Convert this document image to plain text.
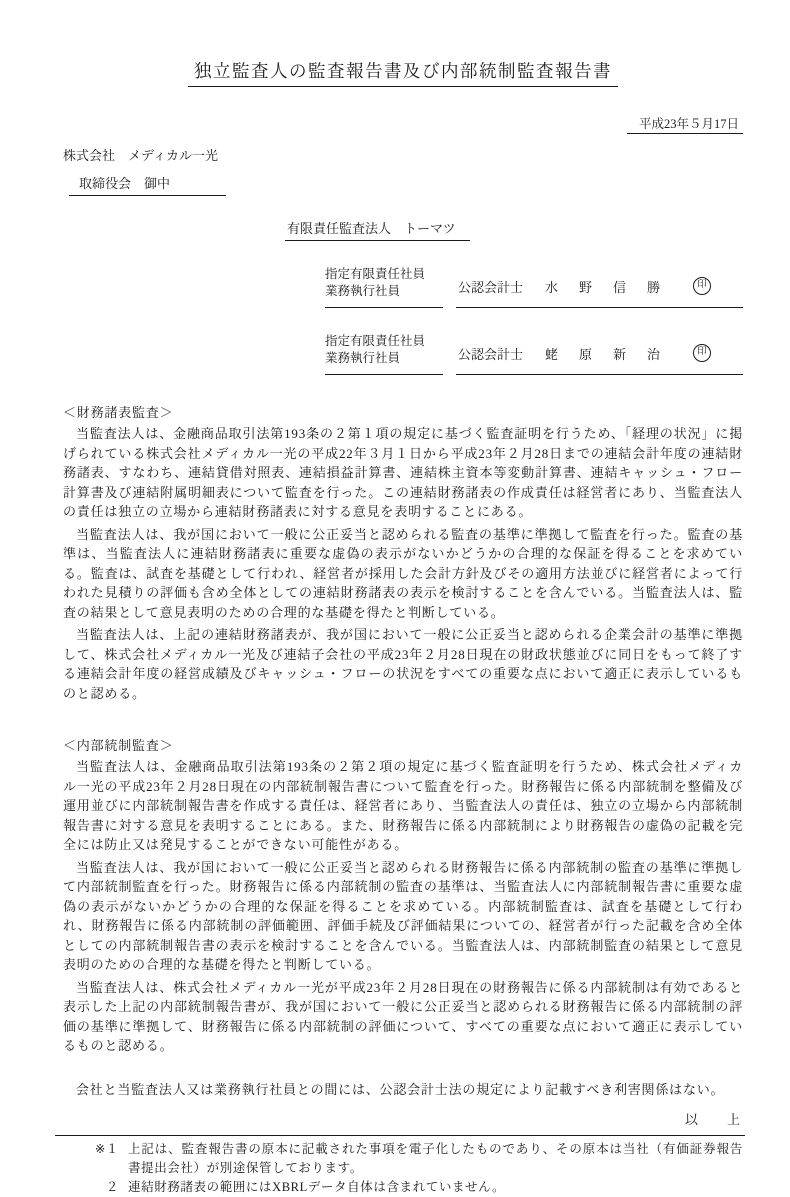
独立監査人の監査報告書及び内部統制監査報告書
平成23年５月17日
株式会社　メディカル一光
取締役会　御中
有限責任監査法人　トーマツ
指定有限責任社員
業務執行社員	公認会計士 水　野　信　勝	印
指定有限責任社員
業務執行社員	公認会計士 蛯　原　新　治	印
＜財務諸表監査＞

当監査法人は、金融商品取引法第193条の２第１項の規定に基づく監査証明を行うため、「経理の状況」に掲げられている株式会社メディカル一光の平成22年３月１日から平成23年２月28日までの連結会計年度の連結財務諸表、すなわち、連結貸借対照表、連結損益計算書、連結株主資本等変動計算書、連結キャッシュ・フロー計算書及び連結附属明細表について監査を行った。この連結財務諸表の作成責任は経営者にあり、当監査法人の責任は独立の立場から連結財務諸表に対する意見を表明することにある。

当監査法人は、我が国において一般に公正妥当と認められる監査の基準に準拠して監査を行った。監査の基準は、当監査法人に連結財務諸表に重要な虚偽の表示がないかどうかの合理的な保証を得ることを求めている。監査は、試査を基礎として行われ、経営者が採用した会計方針及びその適用方法並びに経営者によって行われた見積りの評価も含め全体としての連結財務諸表の表示を検討することを含んでいる。当監査法人は、監査の結果として意見表明のための合理的な基礎を得たと判断している。

当監査法人は、上記の連結財務諸表が、我が国において一般に公正妥当と認められる企業会計の基準に準拠して、株式会社メディカル一光及び連結子会社の平成23年２月28日現在の財政状態並びに同日をもって終了する連結会計年度の経営成績及びキャッシュ・フローの状況をすべての重要な点において適正に表示しているものと認める。

＜内部統制監査＞

当監査法人は、金融商品取引法第193条の２第２項の規定に基づく監査証明を行うため、株式会社メディカル一光の平成23年２月28日現在の内部統制報告書について監査を行った。財務報告に係る内部統制を整備及び運用並びに内部統制報告書を作成する責任は、経営者にあり、当監査法人の責任は、独立の立場から内部統制報告書に対する意見を表明することにある。また、財務報告に係る内部統制により財務報告の虚偽の記載を完全には防止又は発見することができない可能性がある。

当監査法人は、我が国において一般に公正妥当と認められる財務報告に係る内部統制の監査の基準に準拠して内部統制監査を行った。財務報告に係る内部統制の監査の基準は、当監査法人に内部統制報告書に重要な虚偽の表示がないかどうかの合理的な保証を得ることを求めている。内部統制監査は、試査を基礎として行われ、財務報告に係る内部統制の評価範囲、評価手続及び評価結果についての、経営者が行った記載を含め全体としての内部統制報告書の表示を検討することを含んでいる。当監査法人は、内部統制監査の結果として意見表明のための合理的な基礎を得たと判断している。

当監査法人は、株式会社メディカル一光が平成23年２月28日現在の財務報告に係る内部統制は有効であると表示した上記の内部統制報告書が、我が国において一般に公正妥当と認められる財務報告に係る内部統制の評価の基準に準拠して、財務報告に係る内部統制の評価について、すべての重要な点において適正に表示しているものと認める。

会社と当監査法人又は業務執行社員との間には、公認会計士法の規定により記載すべき利害関係はない。

以　　上
※１ 上記は、監査報告書の原本に記載された事項を電子化したものであり、その原本は当社（有価証券報告書提出会社）が別途保管しております。
２ 連結財務諸表の範囲にはXBRLデータ自体は含まれていません。
